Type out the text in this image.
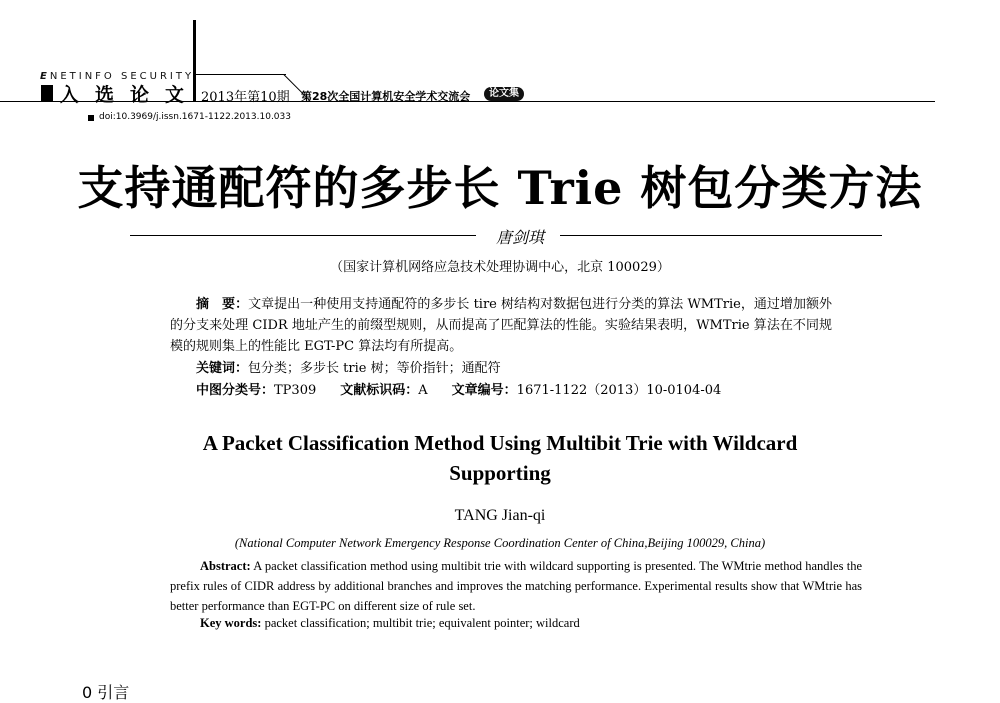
ENETINFO SECURITY
入选论文 2013年第10期 第28次全国计算机安全学术交流会	论文集
doi:10.3969/j.issn.1671-1122.2013.10.033
支持通配符的多步长 Trie 树包分类方法
唐剑琪
（国家计算机网络应急技术处理协调中心，北京 100029）
摘　要：文章提出一种使用支持通配符的多步长 tire 树结构对数据包进行分类的算法 WMTrie，通过增加额外的分支来处理 CIDR 地址产生的前缀型规则，从而提高了匹配算法的性能。实验结果表明，WMTrie 算法在不同规模的规则集上的性能比 EGT-PC 算法均有所提高。
关键词：包分类；多步长 trie 树；等价指针；通配符
中图分类号：TP309 文献标识码：A 文章编号：1671-1122（2013）10-0104-04
A Packet Classification Method Using Multibit Trie with Wildcard
Supporting
TANG Jian-qi
(National Computer Network Emergency Response Coordination Center of China,Beijing 100029, China)
Abstract: A packet classification method using multibit trie with wildcard supporting is presented. The WMtrie method handles the prefix rules of CIDR address by additional branches and improves the matching performance. Experimental results show that WMtrie has better performance than EGT-PC on different size of rule set.
Key words: packet classification; multibit trie; equivalent pointer; wildcard
0 引言
